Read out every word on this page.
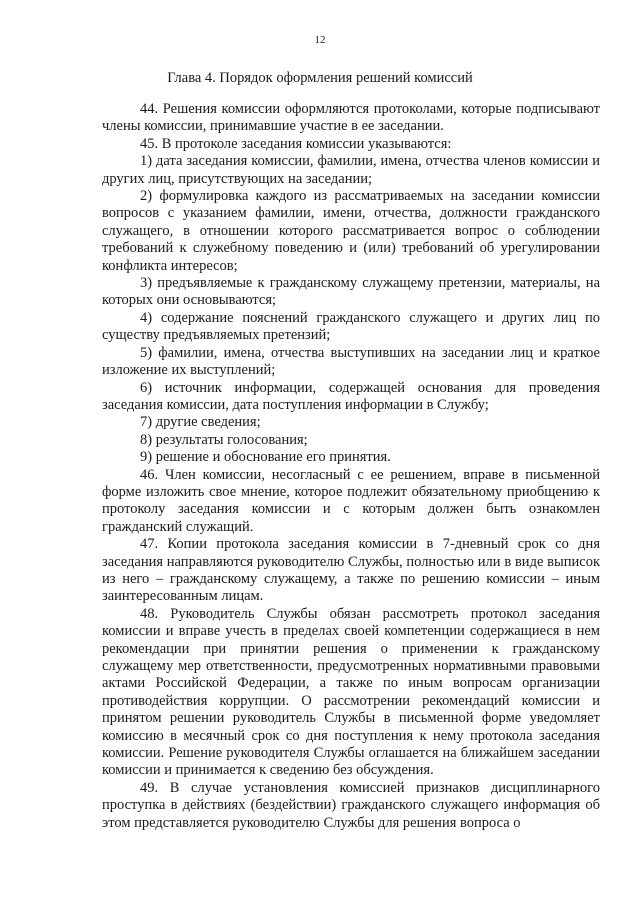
12
Глава 4. Порядок оформления решений комиссий

44. Решения комиссии оформляются протоколами, которые подписывают члены комиссии, принимавшие участие в ее заседании.

45. В протоколе заседания комиссии указываются:

1) дата заседания комиссии, фамилии, имена, отчества членов комиссии и других лиц, присутствующих на заседании;

2) формулировка каждого из рассматриваемых на заседании комиссии вопросов с указанием фамилии, имени, отчества, должности гражданского служащего, в отношении которого рассматривается вопрос о соблюдении требований к служебному поведению и (или) требований об урегулировании конфликта интересов;

3) предъявляемые к гражданскому служащему претензии, материалы, на которых они основываются;

4) содержание пояснений гражданского служащего и других лиц по существу предъявляемых претензий;

5) фамилии, имена, отчества выступивших на заседании лиц и краткое изложение их выступлений;

6) источник информации, содержащей основания для проведения заседания комиссии, дата поступления информации в Службу;

7) другие сведения;

8) результаты голосования;

9) решение и обоснование его принятия.

46. Член комиссии, несогласный с ее решением, вправе в письменной форме изложить свое мнение, которое подлежит обязательному приобщению к протоколу заседания комиссии и с которым должен быть ознакомлен гражданский служащий.

47. Копии протокола заседания комиссии в 7-дневный срок со дня заседания направляются руководителю Службы, полностью или в виде выписок из него – гражданскому служащему, а также по решению комиссии – иным заинтересованным лицам.

48. Руководитель Службы обязан рассмотреть протокол заседания комиссии и вправе учесть в пределах своей компетенции содержащиеся в нем рекомендации при принятии решения о применении к гражданскому служащему мер ответственности, предусмотренных нормативными правовыми актами Российской Федерации, а также по иным вопросам организации противодействия коррупции. О рассмотрении рекомендаций комиссии и принятом решении руководитель Службы в письменной форме уведомляет комиссию в месячный срок со дня поступления к нему протокола заседания комиссии. Решение руководителя Службы оглашается на ближайшем заседании комиссии и принимается к сведению без обсуждения.

49. В случае установления комиссией признаков дисциплинарного проступка в действиях (бездействии) гражданского служащего информация об этом представляется руководителю Службы для решения вопроса о
